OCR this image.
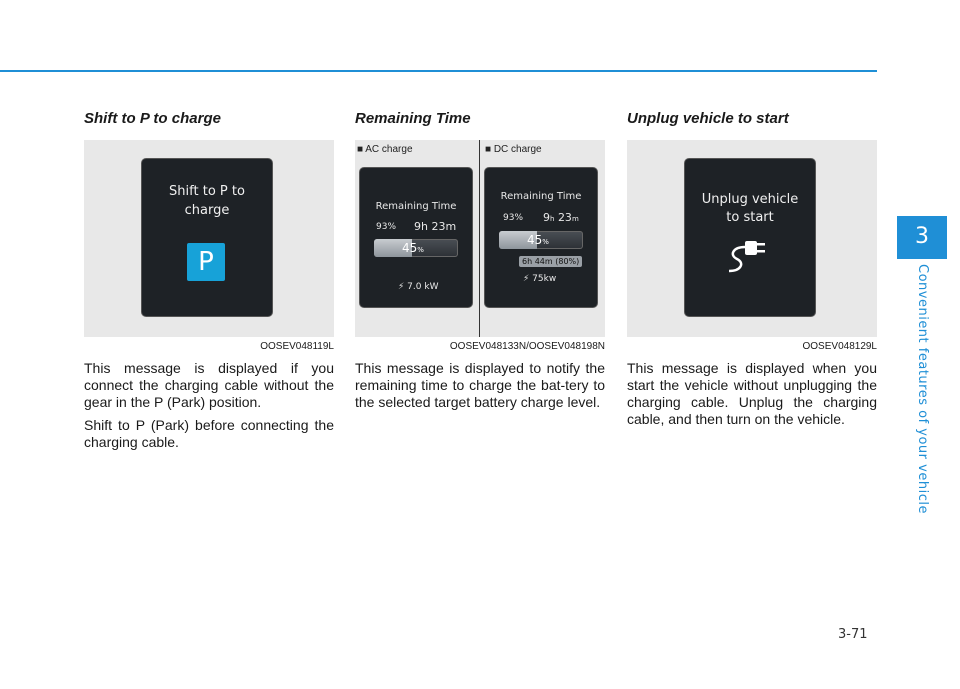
3
Convenient features of your vehicle
Shift to P to charge
Shift to P to
charge
P
OOSEV048119L

This message is displayed if you connect the charging cable without the gear in the P (Park) position.

Shift to P (Park) before connecting the charging cable.

Remaining Time
■ AC charge	■ DC charge
Remaining Time
93% 9h 23m
45%
⚡ 7.0 kW
Remaining Time
93% 9h 23m
45%
6h 44m (80%)
⚡ 75kw
OOSEV048133N/OOSEV048198N

This message is displayed to notify the remaining time to charge the bat-tery to the selected target battery charge level.

Unplug vehicle to start
Unplug vehicle
to start
OOSEV048129L

This message is displayed when you start the vehicle without unplugging the charging cable. Unplug the charging cable, and then turn on the vehicle.

3-71
